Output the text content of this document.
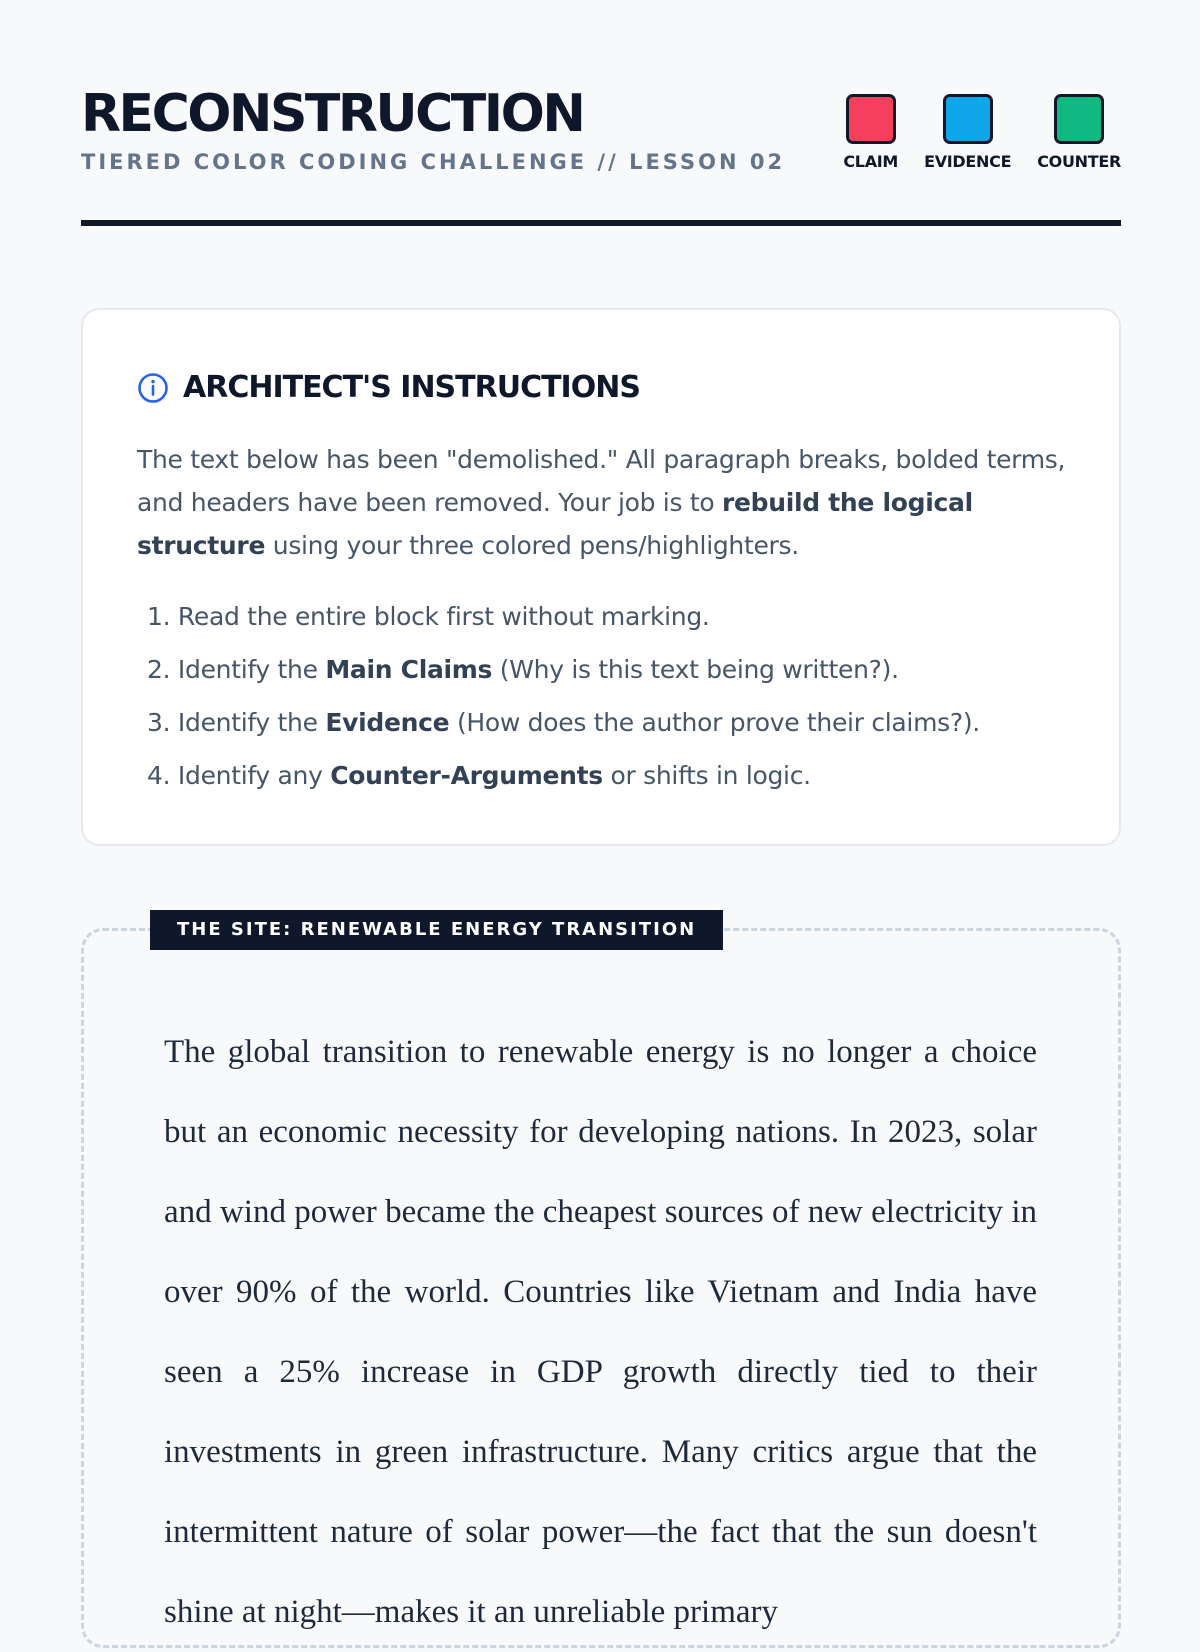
RECONSTRUCTION
TIERED COLOR CODING CHALLENGE // LESSON 02	CLAIM EVIDENCE COUNTER
ARCHITECT'S INSTRUCTIONS
The text below has been "demolished." All paragraph breaks, bolded terms, and headers have been removed. Your job is to rebuild the logical structure using your three colored pens/highlighters.
1. Read the entire block first without marking.
2. Identify the Main Claims (Why is this text being written?).
3. Identify the Evidence (How does the author prove their claims?).
4. Identify any Counter-Arguments or shifts in logic.
THE SITE: RENEWABLE ENERGY TRANSITION

The global transition to renewable energy is no longer a choice but an economic necessity for developing nations. In 2023, solar and wind power became the cheapest sources of new electricity in over 90% of the world. Countries like Vietnam and India have seen a 25% increase in GDP growth directly tied to their investments in green infrastructure. Many critics argue that the intermittent nature of solar power—the fact that the sun doesn't shine at night—makes it an unreliable primary
